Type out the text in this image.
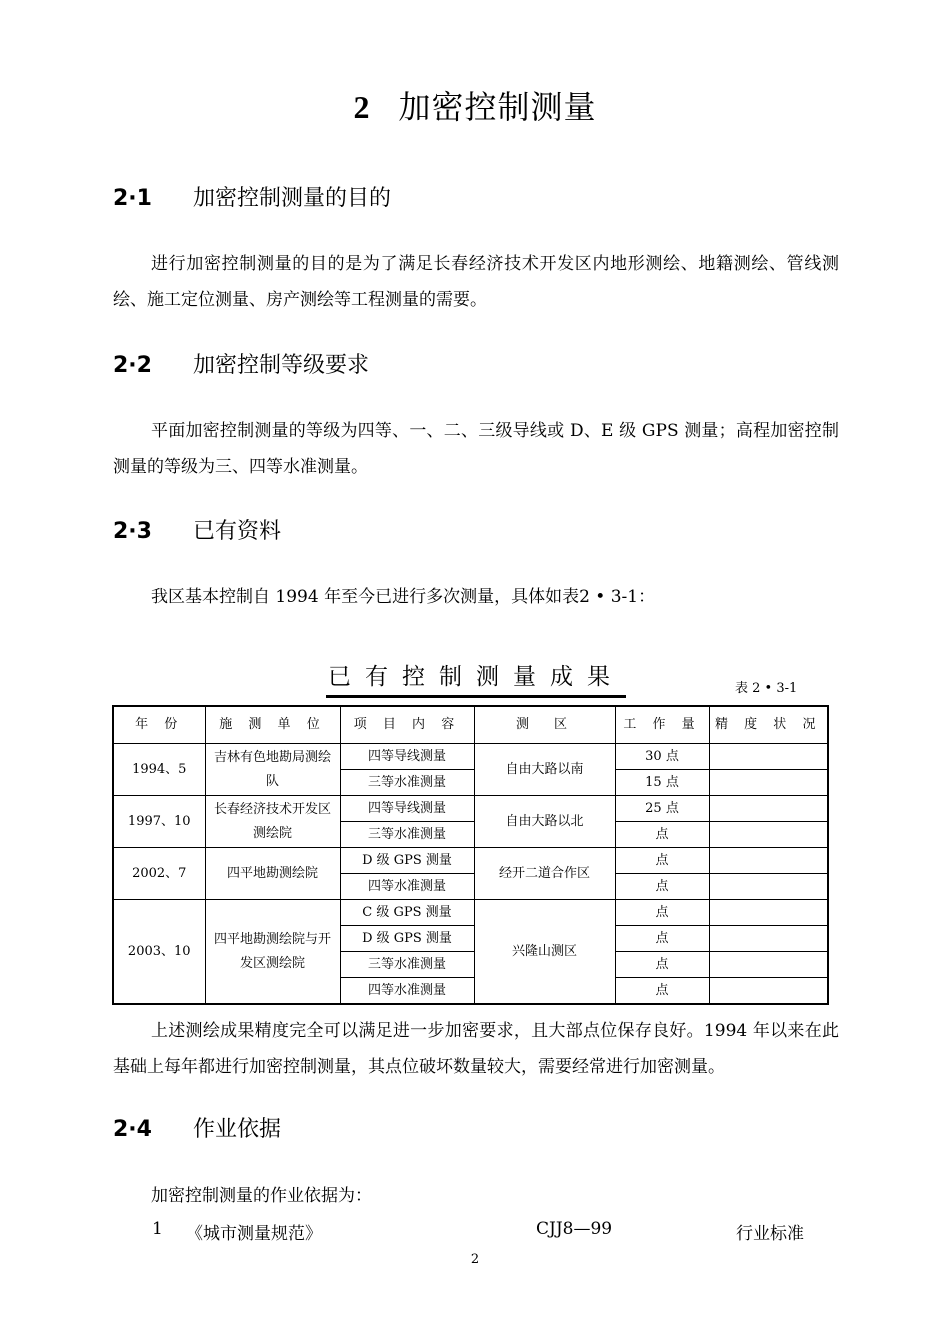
2 加密控制测量
2·1 加密控制测量的目的
进行加密控制测量的目的是为了满足长春经济技术开发区内地形测绘、地籍测绘、管线测绘、施工定位测量、房产测绘等工程测量的需要。
2·2 加密控制等级要求
平面加密控制测量的等级为四等、一、二、三级导线或 D、E 级 GPS 测量；高程加密控制测量的等级为三、四等水准测量。
2·3 已有资料
我区基本控制自 1994 年至今已进行多次测量，具体如表2 • 3-1：
已有控制测量成果	表 2 • 3-1
年 份	施 测 单 位	项 目 内 容	测　区	工 作 量	精 度 状 况
1994、5	吉林有色地勘局测绘队	四等导线测量	自由大路以南	30 点	
		三等水准测量		15 点	
1997、10	长春经济技术开发区测绘院	四等导线测量	自由大路以北	25 点	
		三等水准测量		点	
2002、7	四平地勘测绘院	D 级 GPS 测量	经开二道合作区	点	
		四等水准测量		点	
2003、10	四平地勘测绘院与开发区测绘院	C 级 GPS 测量	兴隆山测区	点	
		D 级 GPS 测量		点	
		三等水准测量		点	
		四等水准测量		点	
上述测绘成果精度完全可以满足进一步加密要求，且大部点位保存良好。1994 年以来在此基础上每年都进行加密控制测量，其点位破坏数量较大，需要经常进行加密测量。
2·4 作业依据
加密控制测量的作业依据为：
1 《城市测量规范》	CJJ8—99	行业标准
2
